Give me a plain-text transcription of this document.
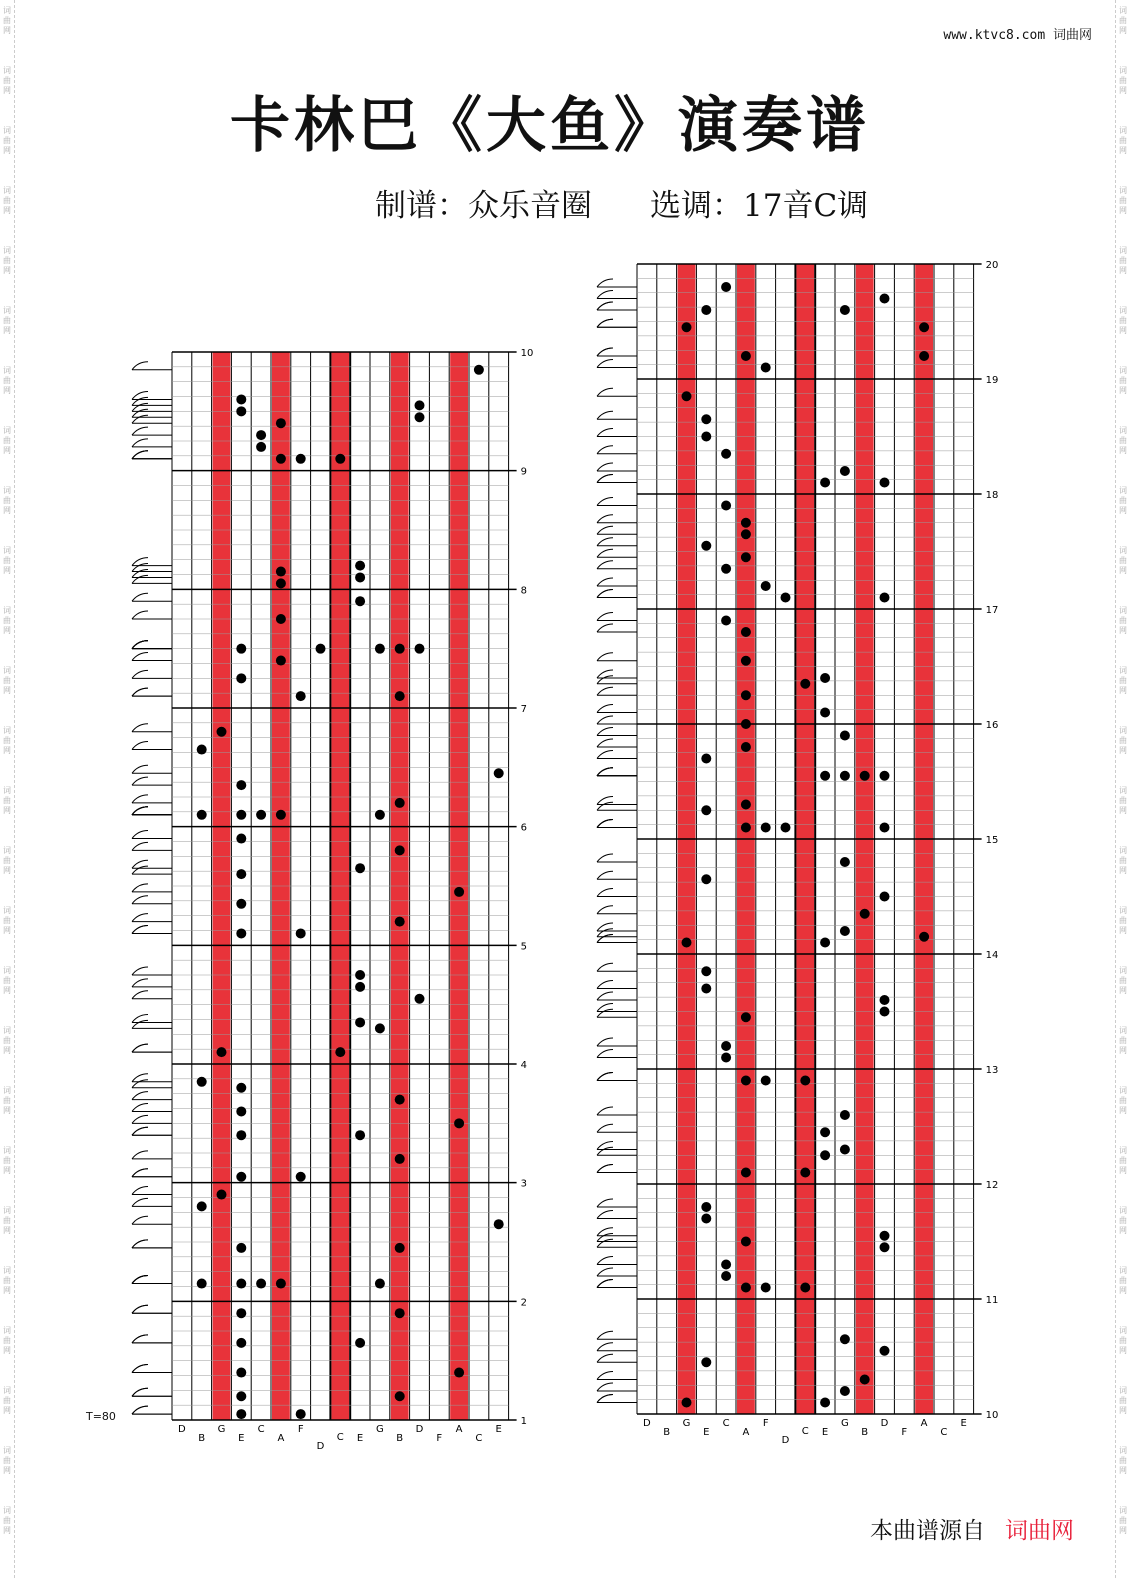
词
曲
网
词
曲
网
词
曲
网
词
曲
网
词
曲
网
词
曲
网
词
曲
网
词
曲
网
词
曲
网
词
曲
网
词
曲
网
词
曲
网
词
曲
网
词
曲
网
词
曲
网
词
曲
网
词
曲
网
词
曲
网
词
曲
网
词
曲
网
词
曲
网
词
曲
网
词
曲
网
词
曲
网
词
曲
网
词
曲
网
词
曲
网
词
曲
网
词
曲
网
词
曲
网
词
曲
网
词
曲
网
词
曲
网
词
曲
网
词
曲
网
词
曲
网
词
曲
网
词
曲
网
词
曲
网
词
曲
网
词
曲
网
词
曲
网
词
曲
网
词
曲
网
词
曲
网
词
曲
网
词
曲
网
词
曲
网
词
曲
网
词
曲
网
词
曲
网
词
曲
网
www.ktvc8.com 词曲网
卡林巴《大鱼》演奏谱
制谱：众乐音圈 选调：17音C调
T=80	1
2
3
4
5
6
7
8
9
10
D
B
G
E
C
A
F
D
C E
G
B
D
F
A
C
E
10
11
12
13
14
15
16
17
18
19
20
D
B
G
E
C
A
F
D
C E
G
B
D
F
A
C
E
本曲谱源自 词曲网
